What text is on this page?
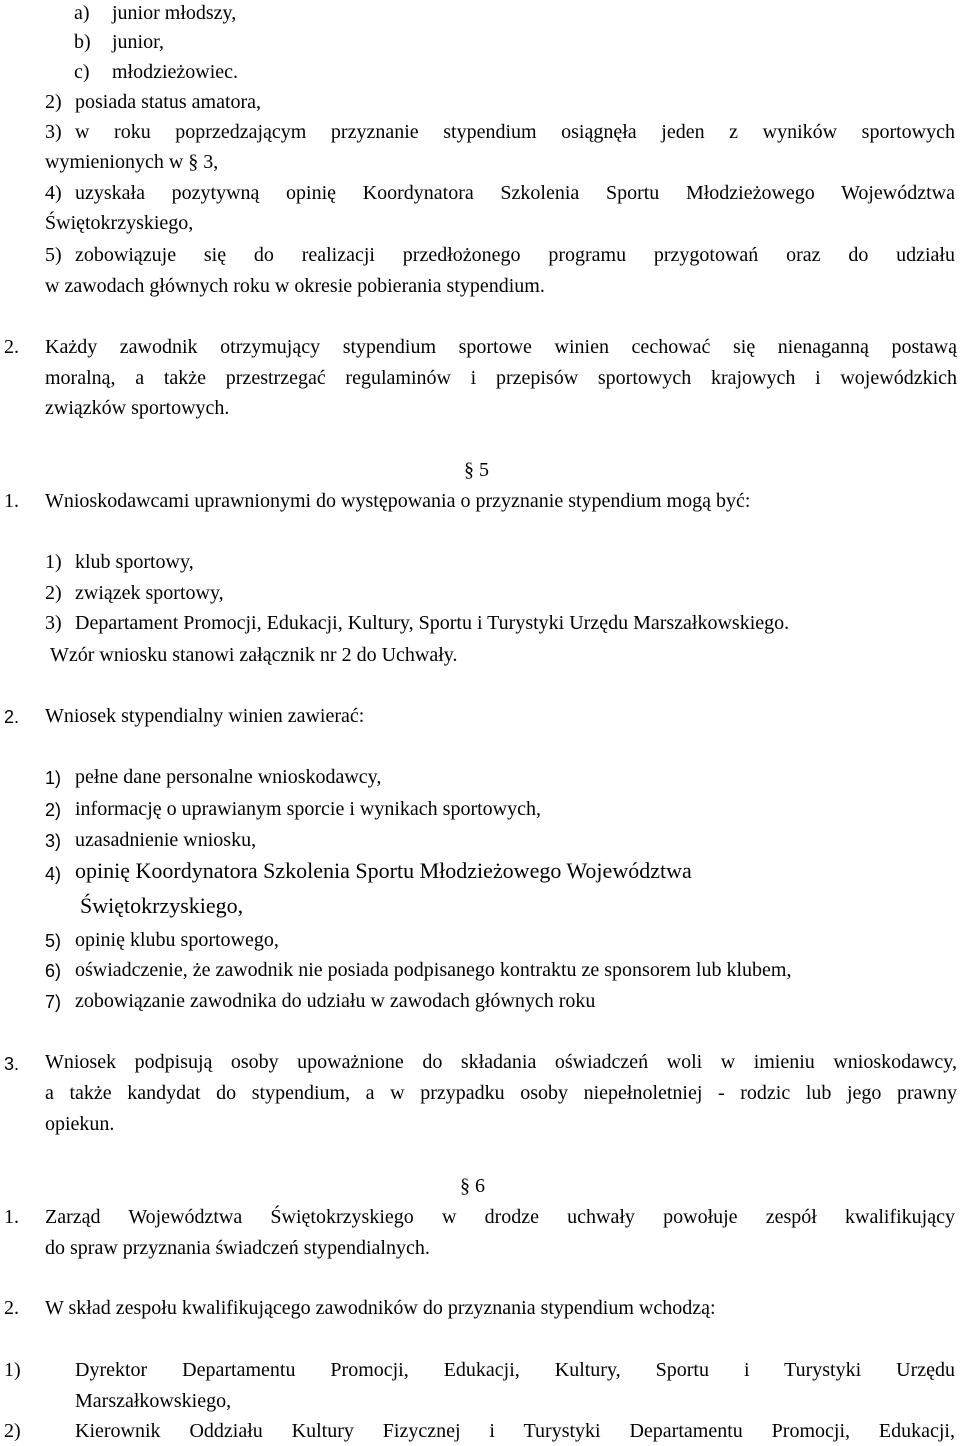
a) junior młodszy,
b) junior,
c) młodzieżowiec.
2) posiada status amatora,
3) w roku poprzedzającym przyznanie stypendium osiągnęła jeden z wyników sportowych
wymienionych w § 3,
4) uzyskała pozytywną opinię Koordynatora Szkolenia Sportu Młodzieżowego Województwa
Świętokrzyskiego,
5) zobowiązuje się do realizacji przedłożonego programu przygotowań oraz do udziału
w zawodach głównych roku w okresie pobierania stypendium.
2. Każdy zawodnik otrzymujący stypendium sportowe winien cechować się nienaganną postawą
moralną, a także przestrzegać regulaminów i przepisów sportowych krajowych i wojewódzkich
związków sportowych.
§ 5
1. Wnioskodawcami uprawnionymi do występowania o przyznanie stypendium mogą być:
1) klub sportowy,
2) związek sportowy,
3) Departament Promocji, Edukacji, Kultury, Sportu i Turystyki Urzędu Marszałkowskiego.
Wzór wniosku stanowi załącznik nr 2 do Uchwały.
2. Wniosek stypendialny winien zawierać:
1) pełne dane personalne wnioskodawcy,
2) informację o uprawianym sporcie i wynikach sportowych,
3) uzasadnienie wniosku,
4) opinię Koordynatora Szkolenia Sportu Młodzieżowego Województwa
Świętokrzyskiego,
5) opinię klubu sportowego,
6) oświadczenie, że zawodnik nie posiada podpisanego kontraktu ze sponsorem lub klubem,
7) zobowiązanie zawodnika do udziału w zawodach głównych roku
3. Wniosek podpisują osoby upoważnione do składania oświadczeń woli w imieniu wnioskodawcy,
a także kandydat do stypendium, a w przypadku osoby niepełnoletniej - rodzic lub jego prawny
opiekun.
§ 6
1. Zarząd Województwa Świętokrzyskiego w drodze uchwały powołuje zespół kwalifikujący
do spraw przyznania świadczeń stypendialnych.
2. W skład zespołu kwalifikującego zawodników do przyznania stypendium wchodzą:
1)	Dyrektor Departamentu Promocji, Edukacji, Kultury, Sportu i Turystyki Urzędu
Marszałkowskiego,
2)	Kierownik Oddziału Kultury Fizycznej i Turystyki Departamentu Promocji, Edukacji,
